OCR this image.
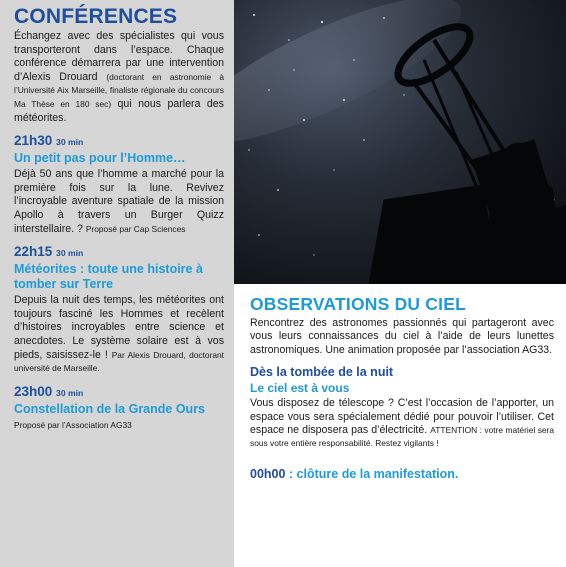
CONFÉRENCES

Échangez avec des spécialistes qui vous transporteront dans l’espace. Chaque conférence démarrera par une intervention d’Alexis Drouard (doctorant en astronomie à l’Université Aix Marseille, finaliste régionale du concours Ma Thèse en 180 sec) qui nous parlera des météorites.

21h30 30 min
Un petit pas pour l’Homme…

Déjà 50 ans que l’homme a marché pour la première fois sur la lune. Revivez l’incroyable aventure spatiale de la mission Apollo à travers un Burger Quizz interstellaire. ? Proposé par Cap Sciences

22h15 30 min
Météorites : toute une histoire à tomber sur Terre

Depuis la nuit des temps, les météorites ont toujours fasciné les Hommes et recèlent d’histoires incroyables entre science et anecdotes. Le système solaire est à vos pieds, saisissez-le ! Par Alexis Drouard, doctorant université de Marseille.

23h00 30 min
Constellation de la Grande Ours

Proposé par l’Association AG33

OBSERVATIONS DU CIEL

Rencontrez des astronomes passionnés qui partageront avec vous leurs connaissances du ciel à l’aide de leurs lunettes astronomiques. Une animation proposée par l’association AG33.

Dès la tombée de la nuit
Le ciel est à vous

Vous disposez de télescope ? C’est l’occasion de l’apporter, un espace vous sera spécialement dédié pour pouvoir l’utiliser. Cet espace ne disposera pas d’électricité. ATTENTION : votre matériel sera sous votre entière responsabilité. Restez vigilants !

00h00 : clôture de la manifestation.
